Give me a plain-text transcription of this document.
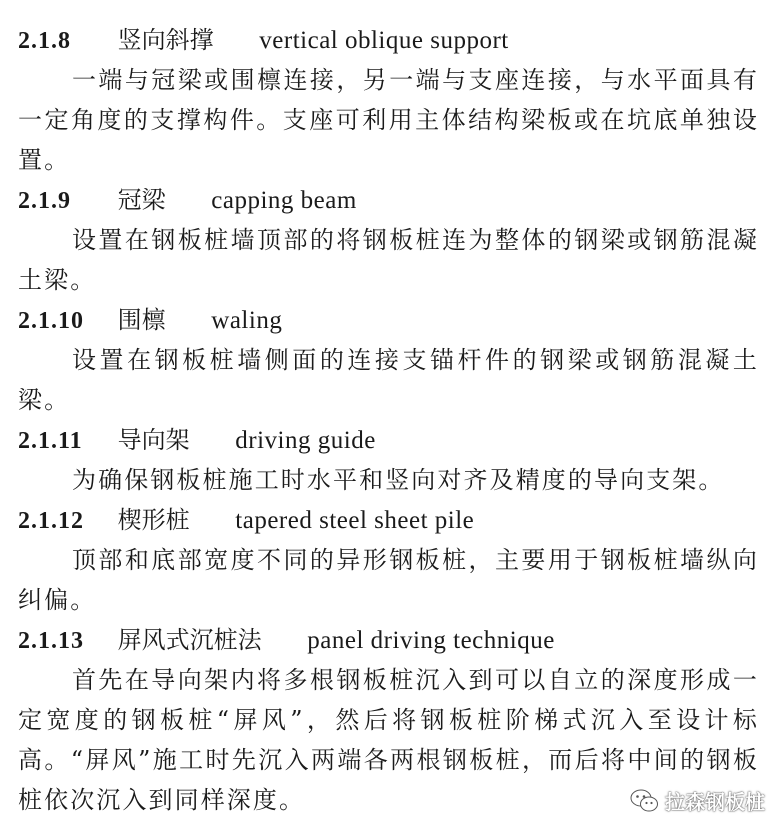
2.1.8 竖向斜撑 vertical oblique support

一端与冠梁或围檩连接，另一端与支座连接，与水平面具有一定角度的支撑构件。支座可利用主体结构梁板或在坑底单独设置。

2.1.9 冠梁 capping beam

设置在钢板桩墙顶部的将钢板桩连为整体的钢梁或钢筋混凝土梁。

2.1.10 围檩 waling

设置在钢板桩墙侧面的连接支锚杆件的钢梁或钢筋混凝土梁。

2.1.11 导向架 driving guide

为确保钢板桩施工时水平和竖向对齐及精度的导向支架。

2.1.12 楔形桩 tapered steel sheet pile

顶部和底部宽度不同的异形钢板桩，主要用于钢板桩墙纵向纠偏。

2.1.13 屏风式沉桩法 panel driving technique

首先在导向架内将多根钢板桩沉入到可以自立的深度形成一定宽度的钢板桩“屏风”，然后将钢板桩阶梯式沉入至设计标高。“屏风”施工时先沉入两端各两根钢板桩，而后将中间的钢板桩依次沉入到同样深度。	拉森钢板桩
